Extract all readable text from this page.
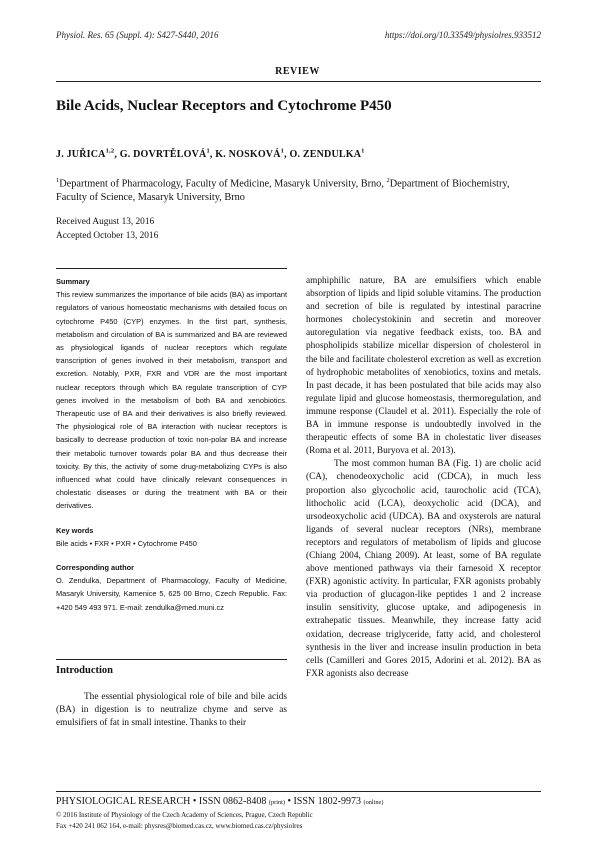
Physiol. Res. 65 (Suppl. 4): S427-S440, 2016	https://doi.org/10.33549/physiolres.933512
REVIEW
Bile Acids, Nuclear Receptors and Cytochrome P450
J. JUŘICA$^{1,2}$, G. DOVRTĚLOVÁ$^1$, K. NOSKOVÁ$^1$, O. ZENDULKA$^1$
$^1$Department of Pharmacology, Faculty of Medicine, Masaryk University, Brno, $^2$Department of Biochemistry, Faculty of Science, Masaryk University, Brno
Received August 13, 2016
Accepted October 13, 2016
Summary

This review summarizes the importance of bile acids (BA) as important regulators of various homeostatic mechanisms with detailed focus on cytochrome P450 (CYP) enzymes. In the first part, synthesis, metabolism and circulation of BA is summarized and BA are reviewed as physiological ligands of nuclear receptors which regulate transcription of genes involved in their metabolism, transport and excretion. Notably, PXR, FXR and VDR are the most important nuclear receptors through which BA regulate transcription of CYP genes involved in the metabolism of both BA and xenobiotics. Therapeutic use of BA and their derivatives is also briefly reviewed. The physiological role of BA interaction with nuclear receptors is basically to decrease production of toxic non-polar BA and increase their metabolic turnover towards polar BA and thus decrease their toxicity. By this, the activity of some drug-metabolizing CYPs is also influenced what could have clinically relevant consequences in cholestatic diseases or during the treatment with BA or their derivatives.

Key words

Bile acids • FXR • PXR • Cytochrome P450

Corresponding author

O. Zendulka, Department of Pharmacology, Faculty of Medicine, Masaryk University, Kamenice 5, 625 00 Brno, Czech Republic. Fax: +420 549 493 971. E-mail: zendulka@med.muni.cz

Introduction

The essential physiological role of bile and bile acids (BA) in digestion is to neutralize chyme and serve as emulsifiers of fat in small intestine. Thanks to their

amphiphilic nature, BA are emulsifiers which enable absorption of lipids and lipid soluble vitamins. The production and secretion of bile is regulated by intestinal paracrine hormones cholecystokinin and secretin and moreover autoregulation via negative feedback exists, too. BA and phospholipids stabilize micellar dispersion of cholesterol in the bile and facilitate cholesterol excretion as well as excretion of hydrophobic metabolites of xenobiotics, toxins and metals. In past decade, it has been postulated that bile acids may also regulate lipid and glucose homeostasis, thermoregulation, and immune response (Claudel et al. 2011). Especially the role of BA in immune response is undoubtedly involved in the therapeutic effects of some BA in cholestatic liver diseases (Roma et al. 2011, Buryova et al. 2013).

The most common human BA (Fig. 1) are cholic acid (CA), chenodeoxycholic acid (CDCA), in much less proportion also glycocholic acid, taurocholic acid (TCA), lithocholic acid (LCA), deoxycholic acid (DCA), and ursodeoxycholic acid (UDCA). BA and oxysterols are natural ligands of several nuclear receptors (NRs), membrane receptors and regulators of metabolism of lipids and glucose (Chiang 2004, Chiang 2009). At least, some of BA regulate above mentioned pathways via their farnesoid X receptor (FXR) agonistic activity. In particular, FXR agonists probably via production of glucagon-like peptides 1 and 2 increase insulin sensitivity, glucose uptake, and adipogenesis in extrahepatic tissues. Meanwhile, they increase fatty acid oxidation, decrease triglyceride, fatty acid, and cholesterol synthesis in the liver and increase insulin production in beta cells (Camilleri and Gores 2015, Adorini et al. 2012). BA as FXR agonists also decrease

PHYSIOLOGICAL RESEARCH • ISSN 0862-8408 (print) • ISSN 1802-9973 (online)
© 2016 Institute of Physiology of the Czech Academy of Sciences, Prague, Czech Republic
Fax +420 241 062 164, e-mail: physres@biomed.cas.cz, www.biomed.cas.cz/physiolres
